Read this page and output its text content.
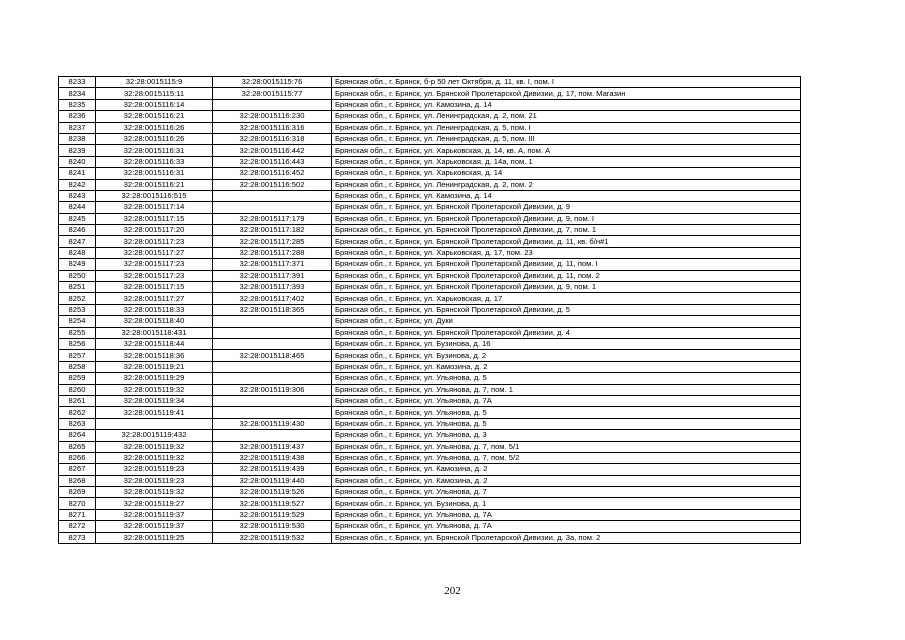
8233	32:28:0015115:9	32:28:0015115:76	Брянская обл., г. Брянск, б-р 50 лет Октября, д. 11, кв. I, пом. I
8234	32:28:0015115:11	32:28:0015115:77	Брянская обл., г. Брянск, ул. Брянской Пролетарской Дивизии, д. 17, пом. Магазин
8235	32:28:0015116:14		Брянская обл., г. Брянск, ул. Камозина, д. 14
8236	32:28:0015116:21	32:28:0015116:230	Брянская обл., г. Брянск, ул. Ленинградская, д. 2, пом. 21
8237	32:28:0015116:26	32:28:0015116:316	Брянская обл., г. Брянск, ул. Ленинградская, д. 5, пом. I
8238	32:28:0015116:26	32:28:0015116:318	Брянская обл., г. Брянск, ул. Ленинградская, д. 5, пом. III
8239	32:28:0015116:31	32:28:0015116:442	Брянская обл., г. Брянск, ул. Харьковская, д. 14, кв. А, пом. А
8240	32:28:0015116:33	32:28:0015116:443	Брянская обл., г. Брянск, ул. Харьковская, д. 14а, пом. 1
8241	32:28:0015116:31	32:28:0015116:452	Брянская обл., г. Брянск, ул. Харьковская, д. 14
8242	32:28:0015116:21	32:28:0015116:502	Брянская обл., г. Брянск, ул. Ленинградская, д. 2, пом. 2
8243	32:28:0015116:515		Брянская обл., г. Брянск, ул. Камозина, д. 14
8244	32:28:0015117:14		Брянская обл., г. Брянск, ул. Брянской Пролетарской Дивизии, д. 9
8245	32:28:0015117:15	32:28:0015117:179	Брянская обл., г. Брянск, ул. Брянской Пролетарской Дивизии, д. 9, пом. I
8246	32:28:0015117:20	32:28:0015117:182	Брянская обл., г. Брянск, ул. Брянской Пролетарской Дивизии, д. 7, пом. 1
8247	32:28:0015117:23	32:28:0015117:285	Брянская обл., г. Брянск, ул. Брянской Пролетарской Дивизии, д. 11, кв. б/н#1
8248	32:28:0015117:27	32:28:0015117:288	Брянская обл., г. Брянск, ул. Харьковская, д. 17, пом. 23
8249	32:28:0015117:23	32:28:0015117:371	Брянская обл., г. Брянск, ул. Брянской Пролетарской Дивизии, д. 11, пом. I
8250	32:28:0015117:23	32:28:0015117:391	Брянская обл., г. Брянск, ул. Брянской Пролетарской Дивизии, д. 11, пом. 2
8251	32:28:0015117:15	32:28:0015117:393	Брянская обл., г. Брянск, ул. Брянской Пролетарской Дивизии, д. 9, пом. 1
8252	32:28:0015117:27	32:28:0015117:402	Брянская обл., г. Брянск, ул. Харьковская, д. 17
8253	32:28:0015118:33	32:28:0015118:365	Брянская обл., г. Брянск, ул. Брянской Пролетарской Дивизии, д. 5
8254	32:28:0015118:40		Брянская обл., г. Брянск, ул. Дуки
8255	32:28:0015118:431		Брянская обл., г. Брянск, ул. Брянской Пролетарской Дивизии, д. 4
8256	32:28:0015118:44		Брянская обл., г. Брянск, ул. Бузинова, д. 16
8257	32:28:0015118:36	32:28:0015118:465	Брянская обл., г. Брянск, ул. Бузинова, д. 2
8258	32:28:0015119:21		Брянская обл., г. Брянск, ул. Камозина, д. 2
8259	32:28:0015119:29		Брянская обл., г. Брянск, ул. Ульянова, д. 5
8260	32:28:0015119:32	32:28:0015119:306	Брянская обл., г. Брянск, ул. Ульянова, д. 7, пом. 1
8261	32:28:0015119:34		Брянская обл., г. Брянск, ул. Ульянова, д. 7А
8262	32:28:0015119:41		Брянская обл., г. Брянск, ул. Ульянова, д. 5
8263		32:28:0015119:430	Брянская обл., г. Брянск, ул. Ульянова, д. 5
8264	32:28:0015119:432		Брянская обл., г. Брянск, ул. Ульянова, д. 3
8265	32:28:0015119:32	32:28:0015119:437	Брянская обл., г. Брянск, ул. Ульянова, д. 7, пом. 5/1
8266	32:28:0015119:32	32:28:0015119:438	Брянская обл., г. Брянск, ул. Ульянова, д. 7, пом. 5/2
8267	32:28:0015119:23	32:28:0015119:439	Брянская обл., г. Брянск, ул. Камозина, д. 2
8268	32:28:0015119:23	32:28:0015119:440	Брянская обл., г. Брянск, ул. Камозина, д. 2
8269	32:28:0015119:32	32:28:0015119:526	Брянская обл., г. Брянск, ул. Ульянова, д. 7
8270	32:28:0015119:27	32:28:0015119:527	Брянская обл., г. Брянск, ул. Бузинова, д. 1
8271	32:28:0015119:37	32:28:0015119:529	Брянская обл., г. Брянск, ул. Ульянова, д. 7А
8272	32:28:0015119:37	32:28:0015119:530	Брянская обл., г. Брянск, ул. Ульянова, д. 7А
8273	32:28:0015119:25	32:28:0015119:532	Брянская обл., г. Брянск, ул. Брянской Пролетарской Дивизии, д. 3а, пом. 2
202
